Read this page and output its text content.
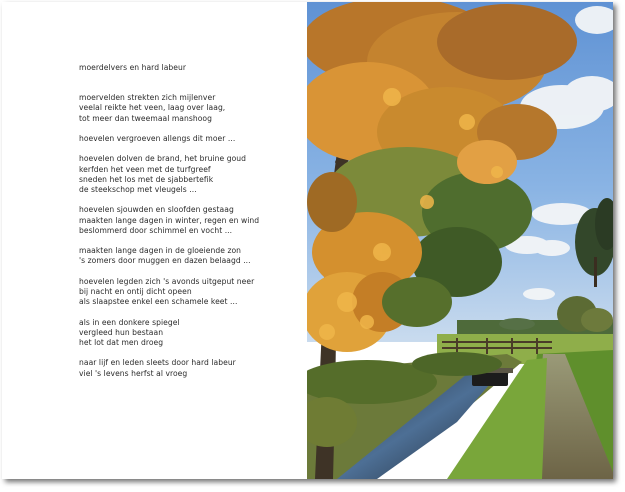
moerdelvers en hard labeur
moervelden strekten zich mijlenver
veelal reikte het veen, laag over laag,
tot meer dan tweemaal manshoog
hoevelen vergroeven allengs dit moer ...
hoevelen dolven de brand, het bruine goud
kerfden het veen met de turfgreef
sneden het los met de sjabbertefik
de steekschop met vleugels ...
hoevelen sjouwden en sloofden gestaag
maakten lange dagen in winter, regen en wind
beslommerd door schimmel en vocht ...
maakten lange dagen in de gloeiende zon
's zomers door muggen en dazen belaagd ...
hoevelen legden zich 's avonds uitgeput neer
bij nacht en ontij dicht opeen
als slaapstee enkel een schamele keet ...
als in een donkere spiegel
vergleed hun bestaan
het lot dat men droeg
naar lijf en leden sleets door hard labeur
viel 's levens herfst al vroeg
